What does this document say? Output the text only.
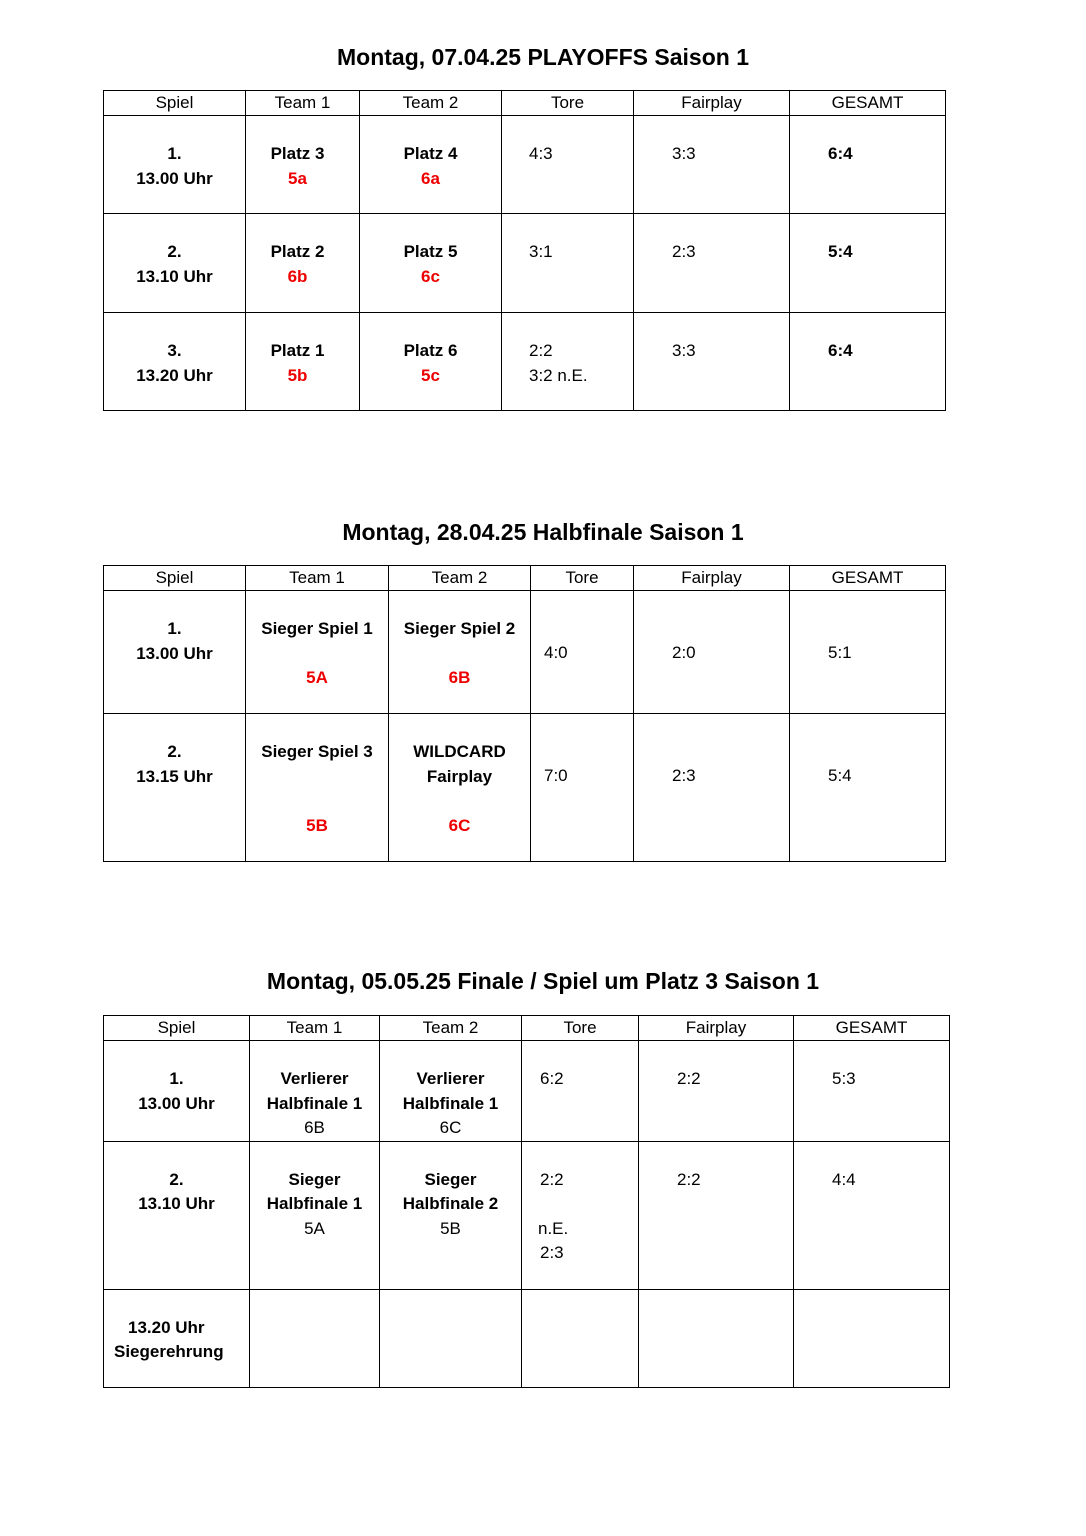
Montag, 07.04.25 PLAYOFFS Saison 1
Spiel	Team 1	Team 2	Tore	Fairplay	GESAMT

1.
13.00 Uhr	Platz 3
5a	Platz 4
6a	4:3	3:3	6:4

2.
13.10 Uhr	Platz 2
6b	Platz 5
6c	3:1	2:3	5:4

3.
13.20 Uhr	Platz 1
5b	Platz 6
5c	2:2
3:2 n.E.	3:3	6:4
Montag, 28.04.25 Halbfinale Saison 1
Spiel	Team 1	Team 2	Tore	Fairplay	GESAMT

1.
13.00 Uhr	Sieger Spiel 1
5A	Sieger Spiel 2
6B	4:0	2:0	5:1

2.
13.15 Uhr	Sieger Spiel 3
5B	WILDCARD
Fairplay
6C	7:0	2:3	5:4
Montag, 05.05.25 Finale / Spiel um Platz 3 Saison 1
Spiel	Team 1	Team 2	Tore	Fairplay	GESAMT

1.
13.00 Uhr	Verlierer
Halbfinale 1
6B	Verlierer
Halbfinale 1
6C	6:2	2:2	5:3

2.
13.10 Uhr	Sieger
Halbfinale 1
5A	Sieger
Halbfinale 2
5B	2:2
n.E.
2:3	2:2	4:4

13.20 Uhr
Siegerehrung					
